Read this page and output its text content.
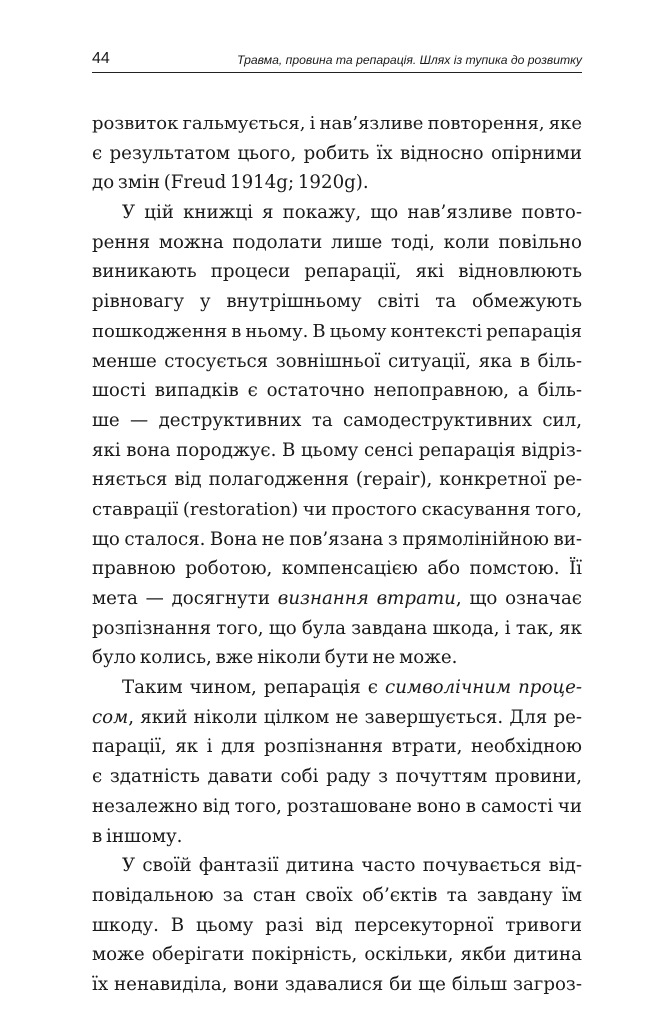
44	Травма, провина та репарація. Шлях із тупика до розвитку
розвиток гальмується, і нав’язливе повторення, яке
є результатом цього, робить їх відносно опірними
до змін (Freud 1914g; 1920g).
У цій книжці я покажу, що нав’язливе повто-
рення можна подолати лише тоді, коли повільно
виникають процеси репарації, які відновлюють
рівновагу у внутрішньому світі та обмежують
пошкодження в ньому. В цьому контексті репарація
менше стосується зовнішньої ситуації, яка в біль-
шості випадків є остаточно непоправною, а біль-
ше — деструктивних та самодеструктивних сил,
які вона породжує. В цьому сенсі репарація відріз-
няється від полагодження (repair), конкретної ре-
ставрації (restoration) чи простого скасування того,
що сталося. Вона не пов’язана з прямолінійною ви-
правною роботою, компенсацією або помстою. Її
мета — досягнути визнання втрати, що означає
розпізнання того, що була завдана шкода, і так, як
було колись, вже ніколи бути не може.
Таким чином, репарація є символічним проце-
сом, який ніколи цілком не завершується. Для ре-
парації, як і для розпізнання втрати, необхідною
є здатність давати собі раду з почуттям провини,
незалежно від того, розташоване воно в самості чи
в іншому.
У своїй фантазії дитина часто почувається від-
повідальною за стан своїх об’єктів та завдану їм
шкоду. В цьому разі від персекуторної тривоги
може оберігати покірність, оскільки, якби дитина
їх ненавиділа, вони здавалися би ще більш загроз-
